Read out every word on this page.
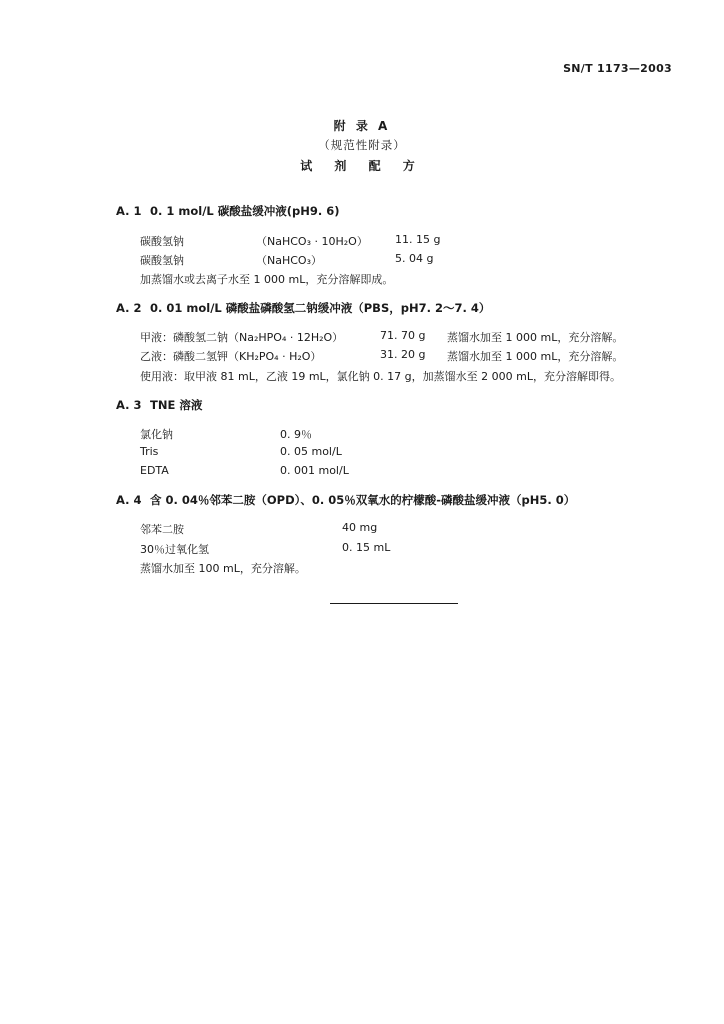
SN/T 1173—2003
附 录 A
（规范性附录）
试 剂 配 方
A. 1 0. 1 mol/L 碳酸盐缓冲液(pH9. 6)
碳酸氢钠	（NaHCO₃ · 10H₂O） 11. 15 g
碳酸氢钠	（NaHCO₃）	5. 04 g
加蒸馏水或去离子水至 1 000 mL，充分溶解即成。
A. 2 0. 01 mol/L 磷酸盐磷酸氢二钠缓冲液（PBS，pH7. 2～7. 4）
甲液：磷酸氢二钠（Na₂HPO₄ · 12H₂O）	71. 70 g 蒸馏水加至 1 000 mL，充分溶解。
乙液：磷酸二氢钾（KH₂PO₄ · H₂O）	31. 20 g 蒸馏水加至 1 000 mL，充分溶解。
使用液：取甲液 81 mL，乙液 19 mL，氯化钠 0. 17 g，加蒸馏水至 2 000 mL，充分溶解即得。
A. 3 TNE 溶液
氯化钠	0. 9％
Tris	0. 05 mol/L
EDTA	0. 001 mol/L
A. 4 含 0. 04％邻苯二胺（OPD）、0. 05％双氧水的柠檬酸-磷酸盐缓冲液（pH5. 0）
邻苯二胺	40 mg
30％过氧化氢	0. 15 mL
蒸馏水加至 100 mL，充分溶解。
